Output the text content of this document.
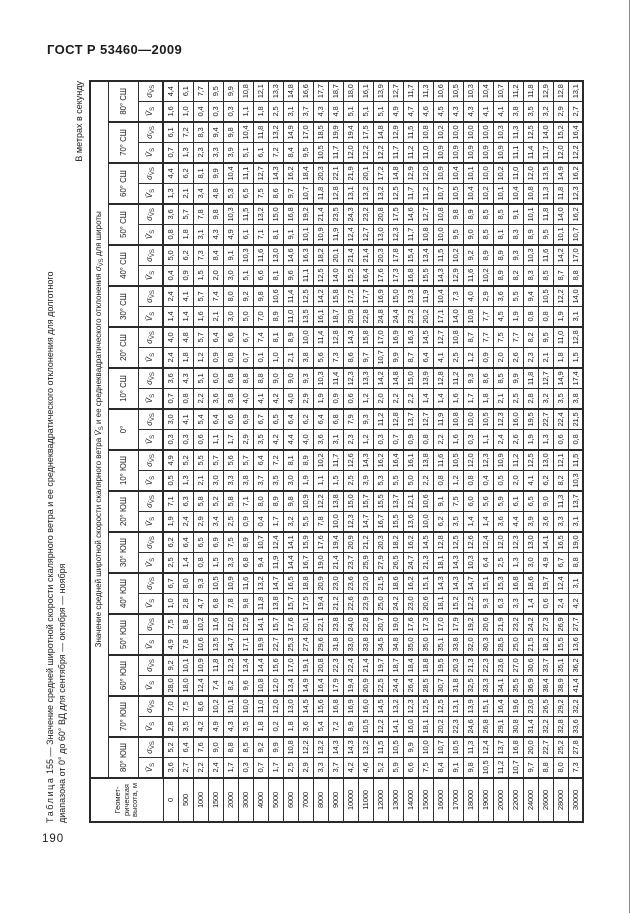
ГОСТ Р 53460—2009

Таблица 155 — Значение средней широтной скорости скалярного ветра и ее среднеквадратического отклонения для долготного диапазона от 0° до 60° ВД для сентября — октября — ноября

В метрах в секунду
Геомет- рическая высота, м	Значение средней широтной скорости скалярного ветра $V̄_S$ и ее среднеквадратического отклонения $\sigma_{V̄S}$ для широты																																	
	80° ЮШ		70° ЮШ		60° ЮШ		50° ЮШ		40° ЮШ		30° ЮШ		20° ЮШ		10° ЮШ		0°		10° СШ		20° СШ		30° СШ		40° СШ		50° СШ		60° СШ		70° СШ		80° СШ	
	$V̄_S$	$\sigma_{V̄S}$	$V̄_S$	$\sigma_{V̄S}$	$V̄_S$	$\sigma_{V̄S}$	$V̄_S$	$\sigma_{V̄S}$	$V̄_S$	$\sigma_{V̄S}$	$V̄_S$	$\sigma_{V̄S}$	$V̄_S$	$\sigma_{V̄S}$	$V̄_S$	$\sigma_{V̄S}$	$V̄_S$	$\sigma_{V̄S}$	$V̄_S$	$\sigma_{V̄S}$	$V̄_S$	$\sigma_{V̄S}$	$V̄_S$	$\sigma_{V̄S}$	$V̄_S$	$\sigma_{V̄S}$	$V̄_S$	$\sigma_{V̄S}$	$V̄_S$	$\sigma_{V̄S}$	$V̄_S$	$\sigma_{V̄S}$	$V̄_S$	$\sigma_{V̄S}$
0	3,6	5,2	2,8	7,0	28,0	9,2	4,9	7,5	1,0	6,7	2,5	6,2	1,9	7,1	0,5	4,9	0,3	3,0	0,7	3,6	2,4	4,0	1,4	2,4	0,4	5,0	0,8	3,6	1,3	4,4	0,7	6,1	1,6	4,4
500	2,7	6,4	3,5	7,5	18,0	10,1	7,8	8,8	2,8	8,0	1,4	6,4	2,4	6,3	1,3	5,2	0,3	4,1	0,8	4,3	1,8	4,8	1,4	4,1	0,9	6,2	1,8	5,7	2,1	6,2	1,3	7,2	1,0	6,1
1000	2,2	7,6	4,2	8,6	12,4	10,9	10,6	10,2	4,7	9,3	0,8	6,5	2,9	5,8	2,1	5,5	0,6	5,4	2,2	5,1	1,2	5,7	1,6	5,7	1,5	7,3	3,1	7,8	3,4	8,1	2,3	8,3	0,4	7,7
1500	2,4	9,0	4,9	10,2	7,4	11,8	13,5	11,6	6,8	10,5	1,5	6,9	3,4	5,2	3,0	5,7	1,1	6,4	3,6	6,0	0,9	6,4	2,1	7,4	2,0	8,4	4,3	9,8	4,8	9,9	3,3	9,4	0,3	9,5
2000	1,7	8,8	4,3	10,1	8,2	12,3	14,7	12,0	7,8	10,9	3,3	7,5	2,5	5,8	3,3	5,6	1,7	6,6	3,8	6,8	0,8	6,6	3,0	8,0	3,0	9,1	4,9	10,3	5,3	10,4	3,9	9,8	0,3	9,9
3000	0,3	8,5	3,5	10,0	9,6	13,4	17,1	12,5	9,8	11,6	6,8	8,9	0,9	7,1	3,8	5,7	2,9	6,9	4,0	8,8	0,7	6,7	5,0	9,2	5,1	10,3	6,1	11,5	6,5	11,1	5,1	10,4	1,1	10,8
4000	0,7	9,2	1,8	11,0	10,8	14,4	19,9	14,1	11,8	13,2	9,4	10,7	0,4	8,0	3,7	6,4	3,5	6,7	4,1	8,8	0,1	7,4	7,0	9,8	6,6	11,6	7,1	13,2	7,5	12,7	6,1	11,8	1,8	12,1
5000	1,7	9,9	0,2	12,0	12,0	15,6	22,7	15,7	13,8	14,7	11,9	12,4	1,7	8,9	3,5	7,2	4,2	6,5	4,2	9,0	1,0	8,1	8,9	10,6	8,1	13,0	8,1	15,0	8,6	14,3	7,2	13,2	2,5	13,3
6000	2,5	10,8	1,8	13,0	13,4	17,0	25,3	17,6	15,7	16,5	14,4	14,1	3,2	9,8	3,0	8,1	4,4	6,4	4,0	9,0	2,1	8,9	11,0	11,4	9,6	14,6	9,1	16,8	9,7	16,2	8,4	14,9	3,1	14,8
7000	2,9	12,2	3,6	14,5	14,9	19,1	27,4	20,1	17,5	18,8	16,7	15,9	5,5	10,9	1,9	8,9	4,0	6,2	2,9	9,3	3,8	10,0	13,5	12,5	11,1	16,3	10,1	19,2	10,7	18,4	9,5	17,0	3,7	16,6
8000	3,3	13,2	5,4	15,6	16,4	20,8	29,6	22,1	19,4	20,9	19,0	17,6	7,8	12,2	1,1	10,2	3,6	6,4	1,9	10,3	5,6	11,4	16,1	14,2	12,5	18,2	10,9	21,4	11,8	20,3	10,5	18,5	4,3	17,7
9000	3,7	14,3	7,2	16,8	17,9	22,3	31,8	23,8	21,2	23,0	21,4	19,4	10,0	13,8	1,5	11,7	3,1	6,8	0,9	11,4	7,3	12,8	18,7	15,8	14,0	20,1	11,9	23,5	12,8	22,1	11,7	19,9	4,8	18,7
10000	4,2	14,3	8,9	16,9	19,4	22,4	33,0	24,0	22,6	23,6	23,7	20,9	12,3	15,0	2,5	12,6	2,3	7,9	0,6	12,3	8,6	14,3	20,9	17,2	15,2	21,4	12,4	24,3	13,1	21,9	12,0	19,4	5,1	18,0
11000	4,6	13,2	10,5	16,0	20,9	21,4	33,8	22,8	23,9	23,0	25,9	21,2	14,7	15,7	3,9	14,3	1,2	9,3	1,2	13,3	9,7	15,8	22,8	17,7	16,4	21,4	12,7	23,2	13,2	20,1	12,2	17,5	5,1	16,1
12000	5,2	11,5	12,2	14,5	22,5	19,7	34,5	20,7	25,0	21,5	27,9	20,3	16,7	15,5	5,3	16,2	0,3	11,2	2,0	14,2	10,7	17,0	24,8	16,9	17,6	20,3	13,0	20,8	13,2	17,2	12,2	14,8	5,1	13,9
13000	5,9	10,5	14,1	13,2	24,4	18,7	34,8	19,0	24,2	18,6	26,5	18,2	15,5	13,7	5,5	16,4	0,7	12,8	2,2	14,8	9,9	16,9	24,4	15,0	17,3	17,8	12,3	17,5	12,5	14,8	11,7	12,9	4,9	12,7
14000	6,6	9,9	16,0	12,3	26,4	18,4	35,0	17,6	23,0	16,2	24,7	16,2	13,6	12,1	5,0	16,1	0,9	13,7	2,2	15,0	8,7	16,3	23,2	13,3	16,8	15,4	11,7	14,6	11,7	12,9	11,2	11,5	4,7	11,7
15000	7,5	10,0	18,1	12,5	28,5	18,8	35,0	17,3	20,6	15,1	21,3	14,5	10,0	10,6	2,2	13,8	0,8	12,7	1,4	13,9	6,4	14,5	20,2	11,9	15,5	13,4	10,8	12,7	11,2	12,0	11,0	10,8	4,6	11,3
16000	8,4	10,7	20,2	12,5	30,7	19,5	35,1	17,0	18,1	14,3	18,1	12,8	6,2	9,1	0,8	11,6	2,2	11,9	1,4	12,8	4,1	12,7	17,1	10,4	14,3	11,5	10,0	10,8	10,7	10,9	10,9	10,2	4,5	10,6
17000	9,1	10,5	22,3	13,1	31,8	20,3	33,8	17,9	15,2	14,3	14,3	12,5	3,5	7,5	1,2	10,5	1,6	10,8	1,6	11,2	2,5	10,8	14,0	7,3	12,9	10,2	9,5	9,8	10,5	10,4	10,9	10,0	4,3	10,5
18000	9,8	11,3	24,6	13,9	32,5	21,3	32,0	19,2	12,2	14,7	10,3	12,6	1,4	6,0	0,8	12,0	0,3	10,0	1,7	9,3	1,2	8,7	10,8	4,0	11,6	9,2	9,0	8,9	10,4	10,1	10,9	10,0	4,3	10,3
19000	10,5	12,4	26,8	15,1	33,3	22,3	30,3	20,6	9,3	15,1	6,4	12,4	1,4	5,6	0,4	12,3	1,1	10,5	1,8	8,6	0,9	7,7	7,7	2,9	10,2	8,9	8,5	8,5	10,2	10,0	10,9	10,0	4,1	10,4
20000	11,2	13,7	29,1	16,4	34,1	23,6	28,5	21,9	6,3	15,3	2,5	12,0	3,6	5,9	0,5	10,9	2,4	12,3	2,1	8,5	2,0	7,5	4,5	3,6	8,9	8,9	8,1	8,5	10,1	10,2	10,9	10,3	4,1	10,7
22000	10,7	16,8	30,8	19,6	35,5	27,0	25,0	23,2	3,3	16,8	1,3	12,3	4,4	6,1	2,0	11,2	2,6	16,0	2,5	9,9	2,6	7,7	1,9	5,5	8,2	9,3	8,3	9,1	10,4	11,0	11,1	11,3	3,8	11,2
24000	9,7	20,0	31,4	23,0	36,9	30,6	21,5	24,2	1,4	18,6	3,0	13,0	3,9	6,5	4,1	12,5	1,9	19,5	2,8	11,8	2,3	8,2	0,8	9,4	8,3	10,3	8,9	10,1	10,8	12,0	11,4	12,5	3,5	11,8
26000	8,8	22,7	32,2	26,5	38,4	33,7	18,2	27,3	0,6	19,7	4,9	14,1	3,6	9,0	6,2	13,0	1,3	22,7	3,2	12,7	2,1	9,5	0,8	10,5	8,5	11,6	9,5	11,8	11,3	13,5	11,7	14,0	3,2	12,9
28000	8,0	25,2	32,8	29,2	38,9	35,1	15,5	26,9	2,4	12,4	6,7	16,5	3,3	11,3	8,2	12,1	0,6	22,4	3,5	14,9	1,8	11,0	1,9	12,2	8,7	14,2	10,1	14,0	11,8	14,9	12,0	15,2	2,9	12,8
30000	7,3	27,8	33,6	32,2	41,4	36,2	13,6	27,7	4,2	3,1	8,8	19,0	3,1	13,7	10,3	11,5	0,8	21,5	3,8	17,4	1,5	12,8	3,1	14,0	8,8	17,0	10,7	16,2	12,3	16,2	12,2	16,4	2,7	13,1
190
